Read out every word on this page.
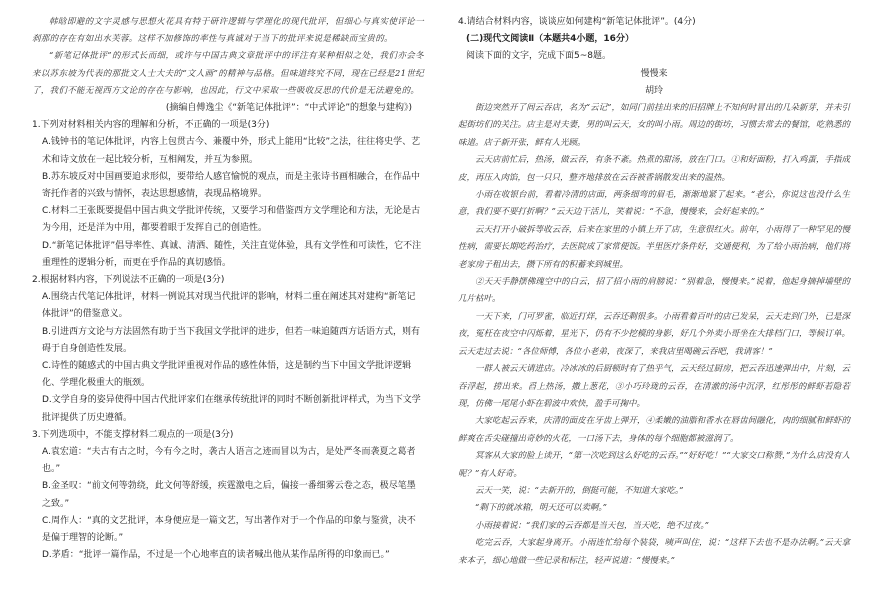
韩晗即避的文字灵感与思想火花具有特于研许逻辑与学理化的现代批评，但细心与真实使评论一刹那的存在有如出水芙蓉。这样不加修饰的率性与真诚对于当下的批评来说是稀缺而宝贵的。

“新笔记体批评”的形式长而细，或许与中国古典文章批评中的评注有某种相似之处，我们亦会冬来以苏东坡为代表的那批文人士大夫的“文人画”的精神与品格。但味道终究不同，现在已经是21世纪了，我们不能无视西方文论的存在与影响，也因此，行文中采取一些吸收反思的代价是无法避免的。

(摘编自傅逸尘《“新笔记体批评”：“中式评论”的想象与建构》)

1.下列对材料相关内容的理解和分析，不正确的一项是(3分)

A.钱钟书的笔记体批评，内容上包贯古今、兼覆中外，形式上能用“比较”之法，往往将史学、艺术和诗文放在一起比较分析，互相阐发，并互为参照。

B.苏东坡反对中国画要追求形似，要带给人感官愉悦的观点，而是主张诗书画相融合，在作品中寄托作者的兴致与情怀，表达思想感情，表现品格境界。

C.材料二王张既要提倡中国古典文学批评传统，又要学习和借鉴西方文学理论和方法，无论是古为今用，还是洋为中用，都要着眼于发挥自己的创造性。

D.“新笔记体批评”倡导率性、真诚、清洒、随性，关注直觉体验，具有文学性和可读性，它不注重理性的逻辑分析，而更在乎作品的真切感悟。

2.根据材料内容，下列说法不正确的一项是(3分)

A.围绕古代笔记体批评，材料一例说其对现当代批评的影响，材料二重在阐述其对建构“新笔记体批评”的借鉴意义。

B.引进西方文论与方法固然有助于当下我国文学批评的进步，但若一味追随西方话语方式，则有碍于自身创造性发展。

C.诗性的随感式的中国古典文学批评重视对作品的感性体悟，这是制约当下中国文学批评逻辑化、学理化极重大的瓶颈。

D.文学自身的姿异使得中国古代批评家们在继承传统批评的同时不断创新批评样式，为当下文学批评提供了历史遵循。

3.下列选项中，不能支撑材料二观点的一项是(3分)

A.袁宏道：“夫古有古之时，今有今之时，袭古人语言之迹而冒以为古，是处严冬而袭夏之葛者也。”

B.金圣叹：“前文何等勃绕，此文何等舒缓，疾霆激电之后，偏接一番细雾云卷之态，极尽笔墨之致。”

C.周作人：“真的文艺批评，本身便应是一篇文艺，写出著作对于一个作品的印象与鉴赏，决不是偏于理智的论断。”

D.茅盾：“批评一篇作品，不过是一个心地率直的读者喊出他从某作品所得的印象而已。”

4.请结合材料内容，谈谈应如何建构“新笔记体批评”。(4分)

(二)现代文阅读Ⅱ（本题共4小题，16分）

阅读下面的文字，完成下面5~8题。

慢慢来

胡玲

街边突然开了间云吞店，名为“云记”，如同门前挂出来的旧招牌上不知何时冒出的几朵新芽，并未引起街坊们的关注。店主是对夫妻，男的叫云天，女的叫小雨。周边的街坊，习惯去常去的餐馆，吃熟悉的味道。店子新开张，鲜有人光顾。

云天店前忙后，热汤，做云吞，有条不紊。热煮的甜汤，放在门口。①和好面粉，打入鸡蛋，手指成皮，再压入肉馅，包一只只，整齐地排放在云吞被香锅散发出来的温热。

小雨在收银台前，看着冷清的店面，两条细弯的眉毛，渐渐地紧了起来。“老公，你说这也没什么生意，我们要不要打折啊？”云天边干活儿，笑着说：“不急，慢慢来，会好起来的。”

云天打开小破拆等收云吞，后来在家里的小镇上开了店，生意很红火。前年，小雨得了一种罕见的慢性病，需要长期吃药治疗，去医院成了家常便饭。半里医疗条件好，交通便利，为了给小雨治病，他们将老家房子租出去，攒下所有的积蓄来到城里。

②天天手静摆佛瑰空中的白云，招了招小雨的肩膀说：“别着急，慢慢来。”说着，他起身摘掉墙壁的几片枯叶。

一天下来，门可罗雀，临近打烊，云吞还剩很多。小雨看着百叶的店已发呆，云天走到门外，已是深夜，冤枉在夜空中闪烁着，星光下，仍有不少挖模的身影，好几个外卖小哥坐在大排档门口，等候订单。云天走过去说：“各位师傅，各位小老弟，夜深了，来我店里喝碗云吞吧，我请客！”

一群人被云天请进店。冷冰冰的后厨顿时有了热乎气，云天经过厨房，把云吞迅速弹出中，片刻，云吞浮起，捞出来。舀上热汤，撒上葱花，③小巧玲珑的云吞，在清澈的汤中沉浮，红彤彤的鲜虾若隐若现，仿佛一尾尾小虾在碧波中欢快，盈手可掬中。

大家吃起云吞来，庆清的面皮在牙齿上弹开，④柔嫩的油脂和香水在唇齿间融化，肉的细腻和鲜虾的鲜爽在舌尖碰撞出奇妙的火花，一口汤下去，身体的每个细胞都被滋润了。

冥客从大家的脸上读开，“第一次吃到这么好吃的云吞。”“好好吃！”“大家交口称赞，”为什么店没有人呢？”有人好奇。

云天一笑，说：“去新开的，倒挺可能，不知道大家吃。”

“剩下的就冰箱，明天还可以卖啊。”

小雨接着说：“我们家的云吞都是当天包，当天吃，绝不过夜。”

吃完云吞，大家起身离开。小雨连忙给每个装袋，咦声叫住，说：“这样下去也不是办法啊。”云天拿来本子，细心地做一些记录和标注，轻声说道：“慢慢来。”
